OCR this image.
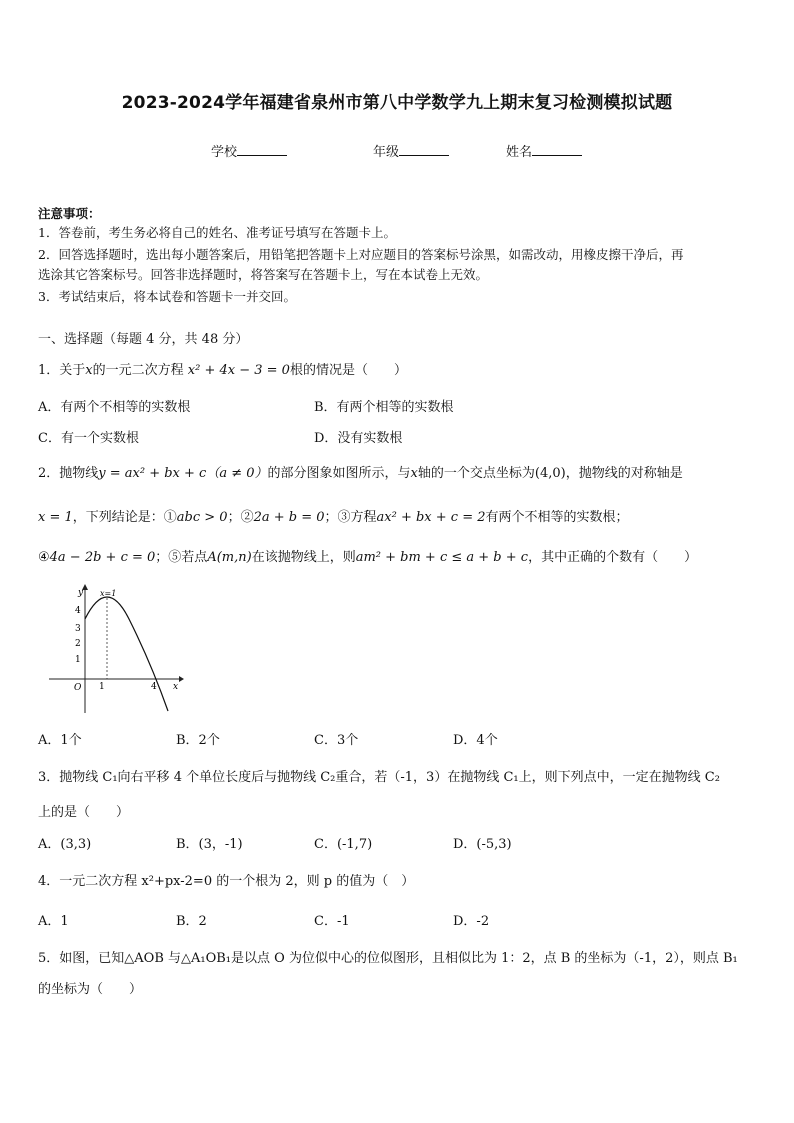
2023-2024学年福建省泉州市第八中学数学九上期末复习检测模拟试题
学校	年级	姓名
注意事项：
1．答卷前，考生务必将自己的姓名、准考证号填写在答题卡上。
2．回答选择题时，选出每小题答案后，用铅笔把答题卡上对应题目的答案标号涂黑，如需改动，用橡皮擦干净后，再
选涂其它答案标号。回答非选择题时，将答案写在答题卡上，写在本试卷上无效。
3．考试结束后，将本试卷和答题卡一并交回。
一、选择题（每题 4 分，共 48 分）
1．关于x的一元二次方程 x² + 4x − 3 = 0根的情况是（　　）
A．有两个不相等的实数根	B．有两个相等的实数根
C．有一个实数根	D．没有实数根
2．抛物线y = ax² + bx + c（a ≠ 0）的部分图象如图所示，与x轴的一个交点坐标为(4,0)，抛物线的对称轴是
x = 1，下列结论是：①abc > 0；②2a + b = 0；③方程ax² + bx + c = 2有两个不相等的实数根；
④4a − 2b + c = 0；⑤若点A(m,n)在该抛物线上，则am² + bm + c ≤ a + b + c，其中正确的个数有（　　）
y
x
x=1
4
3
2
1
O 1	4
A．1个	B．2个	C．3个	D．4个
3．抛物线 C₁向右平移 4 个单位长度后与抛物线 C₂重合，若（-1，3）在抛物线 C₁上，则下列点中，一定在抛物线 C₂
上的是（　　）
A．(3,3)	B．(3，-1)	C．(-1,7)	D．(-5,3)
4．一元二次方程 x²+px-2=0 的一个根为 2，则 p 的值为（　）
A．1	B．2	C．-1	D．-2
5．如图，已知△AOB 与△A₁OB₁是以点 O 为位似中心的位似图形，且相似比为 1：2，点 B 的坐标为（-1，2），则点 B₁
的坐标为（　　）
